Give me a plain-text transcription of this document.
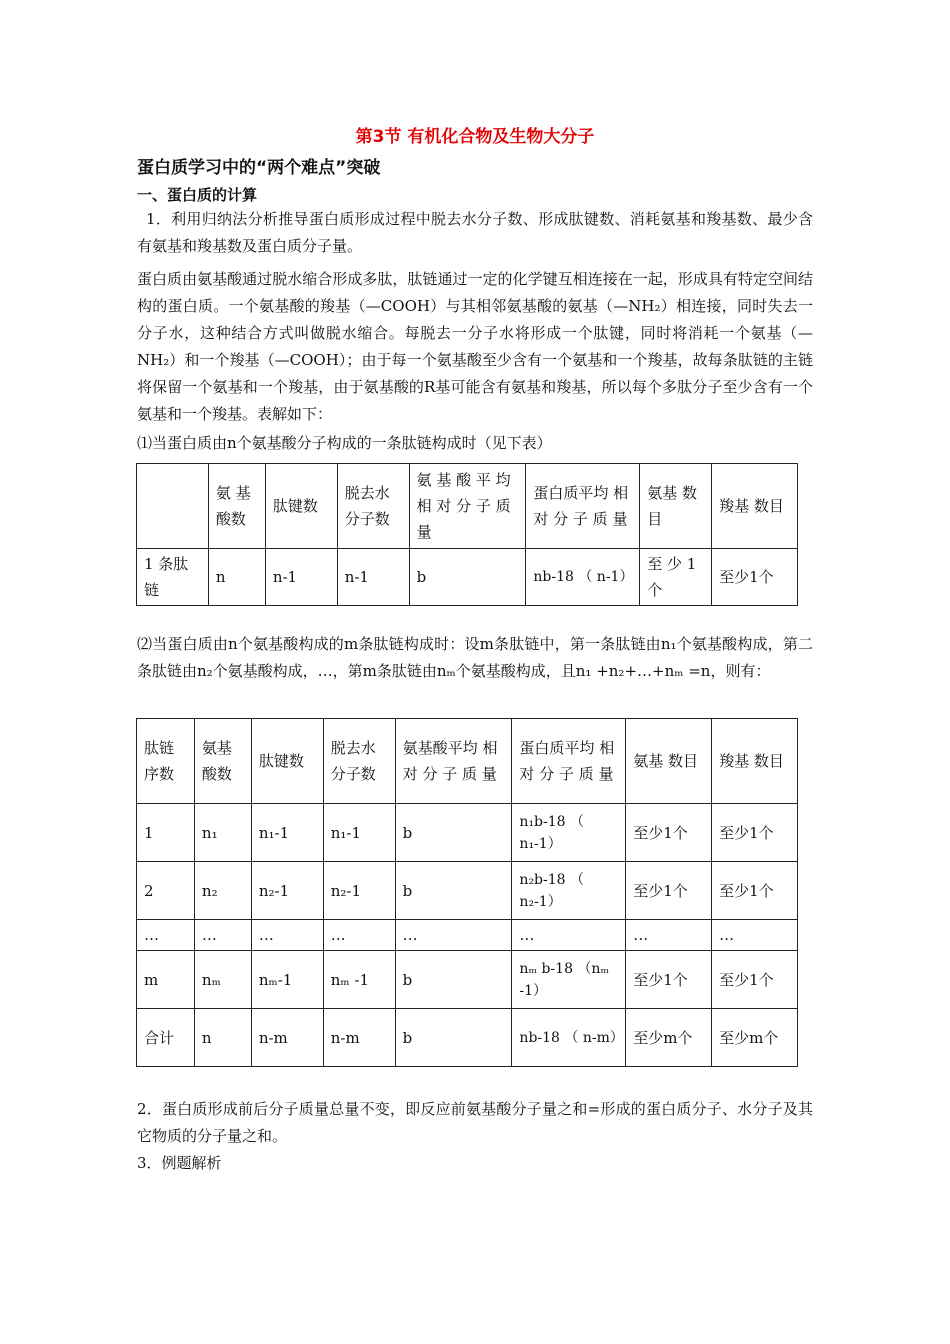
第3节 有机化合物及生物大分子
蛋白质学习中的“两个难点”突破
一、蛋白质的计算

1．利用归纳法分析推导蛋白质形成过程中脱去水分子数、形成肽键数、消耗氨基和羧基数、最少含有氨基和羧基数及蛋白质分子量。

蛋白质由氨基酸通过脱水缩合形成多肽，肽链通过一定的化学键互相连接在一起，形成具有特定空间结构的蛋白质。一个氨基酸的羧基（—COOH）与其相邻氨基酸的氨基（—NH₂）相连接，同时失去一分子水，这种结合方式叫做脱水缩合。每脱去一分子水将形成一个肽键，同时将消耗一个氨基（—NH₂）和一个羧基（—COOH）；由于每一个氨基酸至少含有一个氨基和一个羧基，故每条肽链的主链将保留一个氨基和一个羧基，由于氨基酸的R基可能含有氨基和羧基，所以每个多肽分子至少含有一个氨基和一个羧基。表解如下：

⑴当蛋白质由n个氨基酸分子构成的一条肽链构成时（见下表）

	氨 基 酸数	肽键数	脱去水分子数	氨 基 酸 平 均 相 对 分 子 质 量	蛋白质平均 相 对 分 子 质 量	氨基 数目	羧基 数目
1 条肽 链	n	n-1	n-1	b	nb-18 （ n-1）	至 少 1 个	至少1个

⑵当蛋白质由n个氨基酸构成的m条肽链构成时：设m条肽链中，第一条肽链由n₁个氨基酸构成，第二条肽链由n₂个氨基酸构成，…，第m条肽链由nₘ个氨基酸构成，且n₁ +n₂+…+nₘ =n，则有：

肽链 序数	氨基 酸数	肽键数	脱去水 分子数	氨基酸平均 相 对 分 子 质 量	蛋白质平均 相 对 分 子 质 量	氨基 数目	羧基 数目
1	n₁	n₁-1	n₁-1	b	n₁b-18 （ n₁-1）	至少1个	至少1个
2	n₂	n₂-1	n₂-1	b	n₂b-18 （ n₂-1）	至少1个	至少1个
…	…	…	…	…	…	…	…
m	nₘ	nₘ-1	nₘ -1	b	nₘ b-18 （nₘ -1）	至少1个	至少1个
合计	n	n-m	n-m	b	nb-18 （ n-m）	至少m个	至少m个

2．蛋白质形成前后分子质量总量不变，即反应前氨基酸分子量之和=形成的蛋白质分子、水分子及其它物质的分子量之和。

3．例题解析
